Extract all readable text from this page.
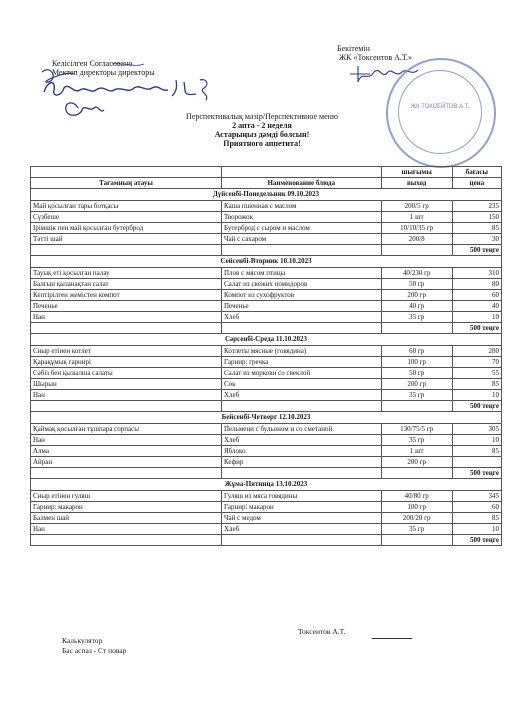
Келісілген Согласовано
Мектеп директоры директоры
Бекітемін
ЖК «Токсеитов А.Т.»
ЖК ТОКСЕЙТОВ А.Т.
Перспективалық мәзір/Перспективное меню
2 апта - 2 неделя
Астарыңыз дәмді болсын!
Приятного аппетита!
		шығымы	бағасы
Тағамның атауы	Наименование блюда	выход	цена
Дүйсенбі-Понедельник 09.10.2023			
Май қосылған тары ботқасы	Каша пшенная с маслом	200/5 гр	235
Сүзбеше	Творожок	1 шт	150
Ірімшік пен май қосылған бутерброд	Бутерброд с сыром и маслом	10/10/35 гр	85
Тәтті шай	Чай с сахаром	200/8	30
			500 теңге
Сейсенбі-Вторник 10.10.2023			
Тауық еті қосылған палау	Плов с мясом птицы	40/230 гр	310
Балғын қызанақтан салат	Салат из свежих помидоров	50 гр	80
Кептірілген жемістен компот	Компот из сухофруктов	200 гр	60
Печенье	Печенье	40 гр	40
Нан	Хлеб	35 гр	10
			500 теңге
Сәрсенбі-Среда 11.10.2023			
Сиыр етінен котлет	Котлеты мясные (говядина)	60 гр	280
Қарақұмық гарнирі	Гарнир: гречка	100 гр	70
Сәбіз бен қызылша салаты	Салат из моркови со свеклой	50 гр	55
Шырын	Сок	200 гр	85
Нан	Хлеб	35 гр	10
			500 теңге
Бейсенбі-Четверг 12.10.2023			
Қаймақ қосылған тұшпара сорпасы	Пельмени с бульоном и со сметаной	130/75/5 гр	305
Нан	Хлеб	35 гр	10
Алма	Яблоко	1 шт	85
Айран	Кефир	200 гр	
			500 теңге
Жұма-Пятница 13.10.2023			
Сиыр етінен гуляш	Гуляш из мяса говядины	40/80 гр	345
Гарнир: макарон	Гарнир: макарон	100 гр	60
Балмен шай	Чай с медом	200/20 гр	85
Нан	Хлеб	35 гр	10
			500 теңге
Токсеитов А.Т.
Калькулятор
Бас аспаз - Ст повар
